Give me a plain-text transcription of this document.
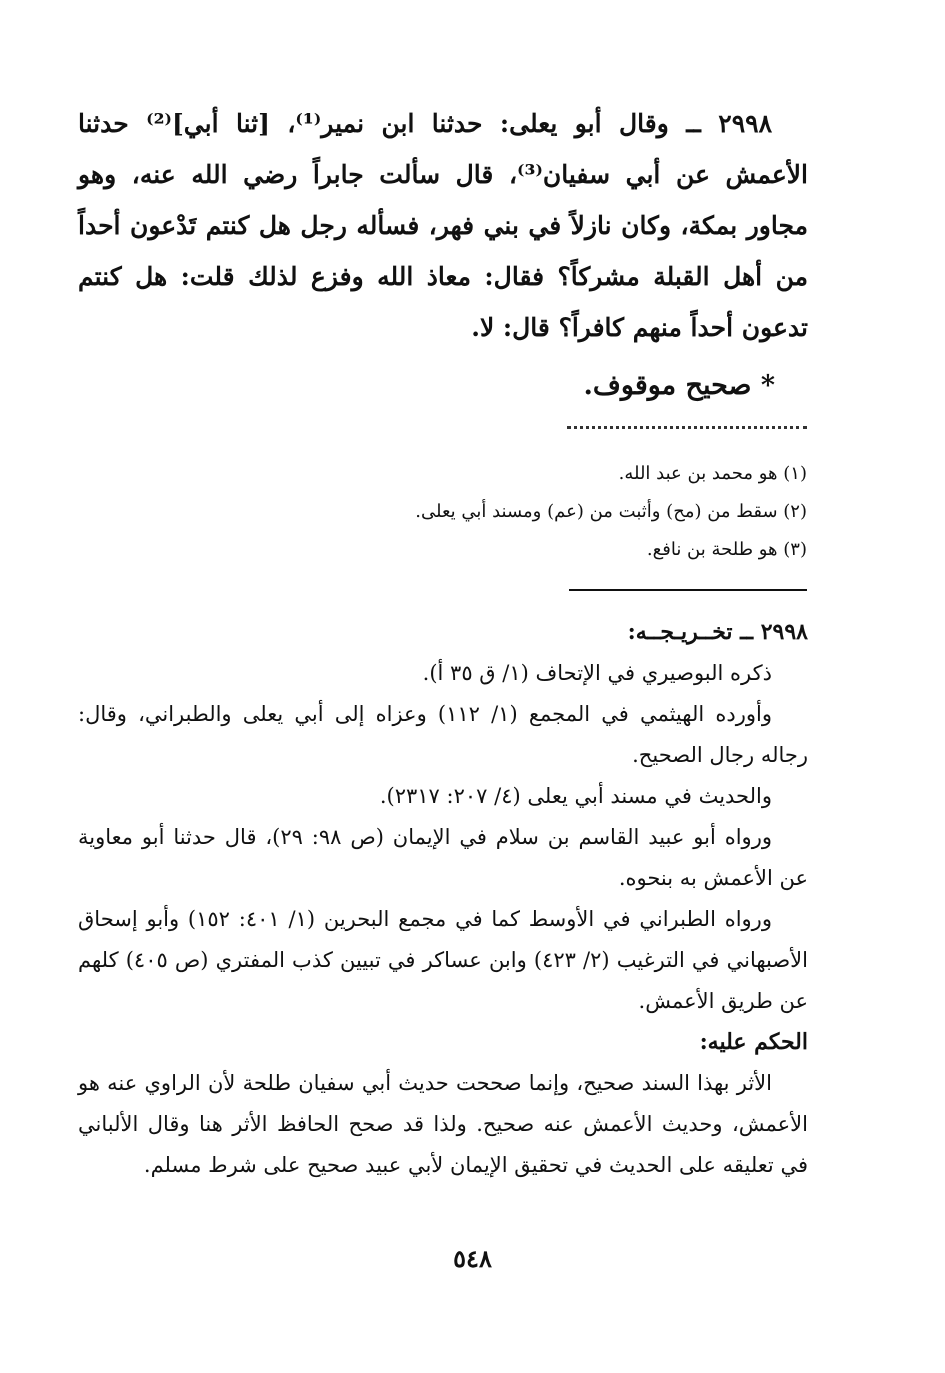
٢٩٩٨ ــ وقال أبو يعلى: حدثنا ابن نمير⁽¹⁾، [ثنا أبي]⁽²⁾ حدثنا الأعمش عن أبي سفيان⁽³⁾، قال سألت جابراً رضي الله عنه، وهو مجاور بمكة، وكان نازلاً في بني فهر، فسأله رجل هل كنتم تَدْعون أحداً من أهل القبلة مشركاً؟ فقال: معاذ الله وفزع لذلك قلت: هل كنتم تدعون أحداً منهم كافراً؟ قال: لا.

* صحيح موقوف.
(١) هو محمد بن عبد الله.
(٢) سقط من (مح) وأثبت من (عم) ومسند أبي يعلى.
(٣) هو طلحة بن نافع.
٢٩٩٨ ــ تخــريـجــه:

ذكره البوصيري في الإتحاف (١/ ق ٣٥ أ).

وأورده الهيثمي في المجمع (١/ ١١٢) وعزاه إلى أبي يعلى والطبراني، وقال: رجاله رجال الصحيح.

والحديث في مسند أبي يعلى (٤/ ٢٠٧: ٢٣١٧).

ورواه أبو عبيد القاسم بن سلام في الإيمان (ص ٩٨: ٢٩)، قال حدثنا أبو معاوية عن الأعمش به بنحوه.

ورواه الطبراني في الأوسط كما في مجمع البحرين (١/ ٤٠١: ١٥٢) وأبو إسحاق الأصبهاني في الترغيب (٢/ ٤٢٣) وابن عساكر في تبيين كذب المفتري (ص ٤٠٥) كلهم عن طريق الأعمش.

الحكم عليه:

الأثر بهذا السند صحيح، وإنما صححت حديث أبي سفيان طلحة لأن الراوي عنه هو الأعمش، وحديث الأعمش عنه صحيح. ولذا قد صحح الحافظ الأثر هنا وقال الألباني في تعليقه على الحديث في تحقيق الإيمان لأبي عبيد صحيح على شرط مسلم.

٥٤٨
